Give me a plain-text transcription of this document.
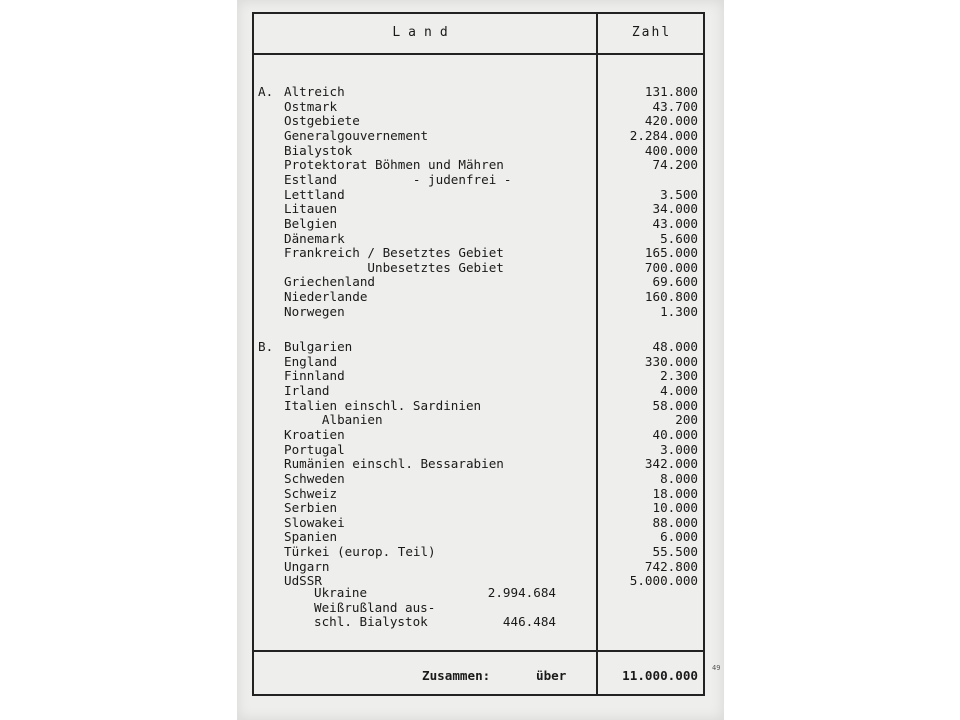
Land	Zahl
A. Altreich	131.800
Ostmark	43.700
Ostgebiete	420.000
Generalgouvernement	2.284.000
Bialystok	400.000
Protektorat Böhmen und Mähren	74.200
Estland          - judenfrei -
Lettland	3.500
Litauen	34.000
Belgien	43.000
Dänemark	5.600
Frankreich / Besetztes Gebiet	165.000
Unbesetztes Gebiet	700.000
Griechenland	69.600
Niederlande	160.800
Norwegen	1.300
B. Bulgarien	48.000
England	330.000
Finnland	2.300
Irland	4.000
Italien einschl. Sardinien	58.000
Albanien	200
Kroatien	40.000
Portugal	3.000
Rumänien einschl. Bessarabien	342.000
Schweden	8.000
Schweiz	18.000
Serbien	10.000
Slowakei	88.000
Spanien	6.000
Türkei (europ. Teil)	55.500
Ungarn	742.800
UdSSR	5.000.000
Ukraine	2.994.684
Weißrußland aus-
schl. Bialystok	446.484
Zusammen:	über	11.000.000 49
